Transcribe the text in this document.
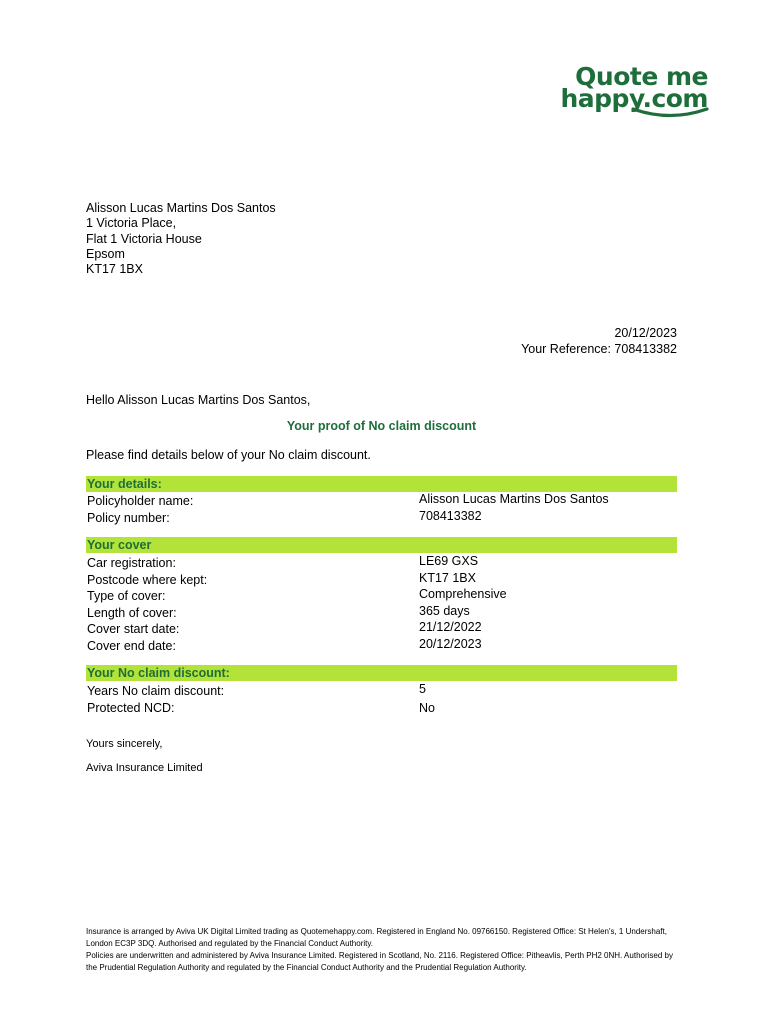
Quote me
happy.com
Alisson Lucas Martins Dos Santos
1 Victoria Place,
Flat 1 Victoria House
Epsom
KT17 1BX
20/12/2023
Your Reference: 708413382
Hello Alisson Lucas Martins Dos Santos,
Your proof of No claim discount
Please find details below of your No claim discount.
Your details:
Policyholder name:	Alisson Lucas Martins Dos Santos
Policy number:	708413382
Your cover
Car registration:	LE69 GXS
Postcode where kept:	KT17 1BX
Type of cover:	Comprehensive
Length of cover:	365 days
Cover start date:	21/12/2022
Cover end date:	20/12/2023
Your No claim discount:
Years No claim discount:	5
Protected NCD:	No
Yours sincerely,
Aviva Insurance Limited

Insurance is arranged by Aviva UK Digital Limited trading as Quotemehappy.com. Registered in England No. 09766150. Registered Office: St Helen's, 1 Undershaft, London EC3P 3DQ. Authorised and regulated by the Financial Conduct Authority.

Policies are underwritten and administered by Aviva Insurance Limited. Registered in Scotland, No. 2116. Registered Office: Pitheavlis, Perth PH2 0NH. Authorised by the Prudential Regulation Authority and regulated by the Financial Conduct Authority and the Prudential Regulation Authority.
